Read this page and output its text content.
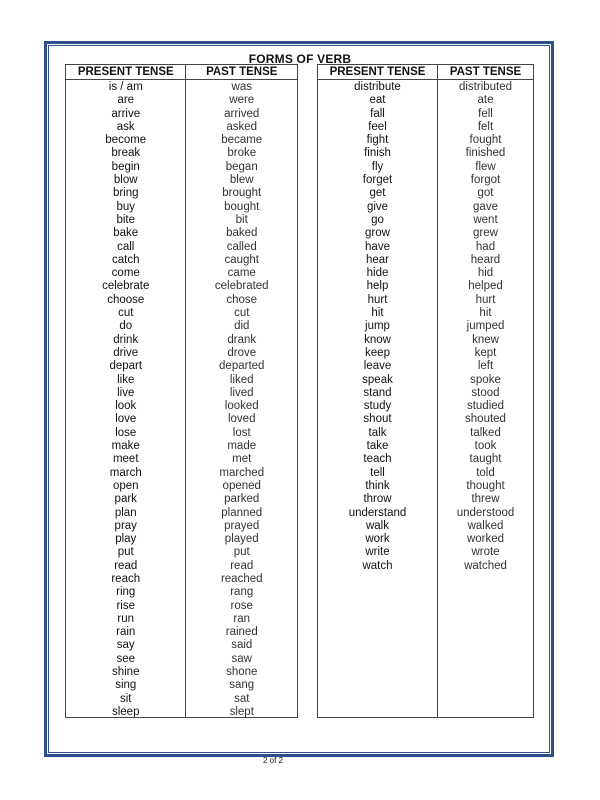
FORMS OF VERB
PRESENT TENSE
is / am
are
arrive
ask
become
break
begin
blow
bring
buy
bite
bake
call
catch
come
celebrate
choose
cut
do
drink
drive
depart
like
live
look
love
lose
make
meet
march
open
park
plan
pray
play
put
read
reach
ring
rise
run
rain
say
see
shine
sing
sit
sleep
PAST TENSE
was
were
arrived
asked
became
broke
began
blew
brought
bought
bit
baked
called
caught
came
celebrated
chose
cut
did
drank
drove
departed
liked
lived
looked
loved
lost
made
met
marched
opened
parked
planned
prayed
played
put
read
reached
rang
rose
ran
rained
said
saw
shone
sang
sat
slept
PRESENT TENSE
distribute
eat
fall
feel
fight
finish
fly
forget
get
give
go
grow
have
hear
hide
help
hurt
hit
jump
know
keep
leave
speak
stand
study
shout
talk
take
teach
tell
think
throw
understand
walk
work
write
watch
PAST TENSE
distributed
ate
fell
felt
fought
finished
flew
forgot
got
gave
went
grew
had
heard
hid
helped
hurt
hit
jumped
knew
kept
left
spoke
stood
studied
shouted
talked
took
taught
told
thought
threw
understood
walked
worked
wrote
watched
2 of 2
